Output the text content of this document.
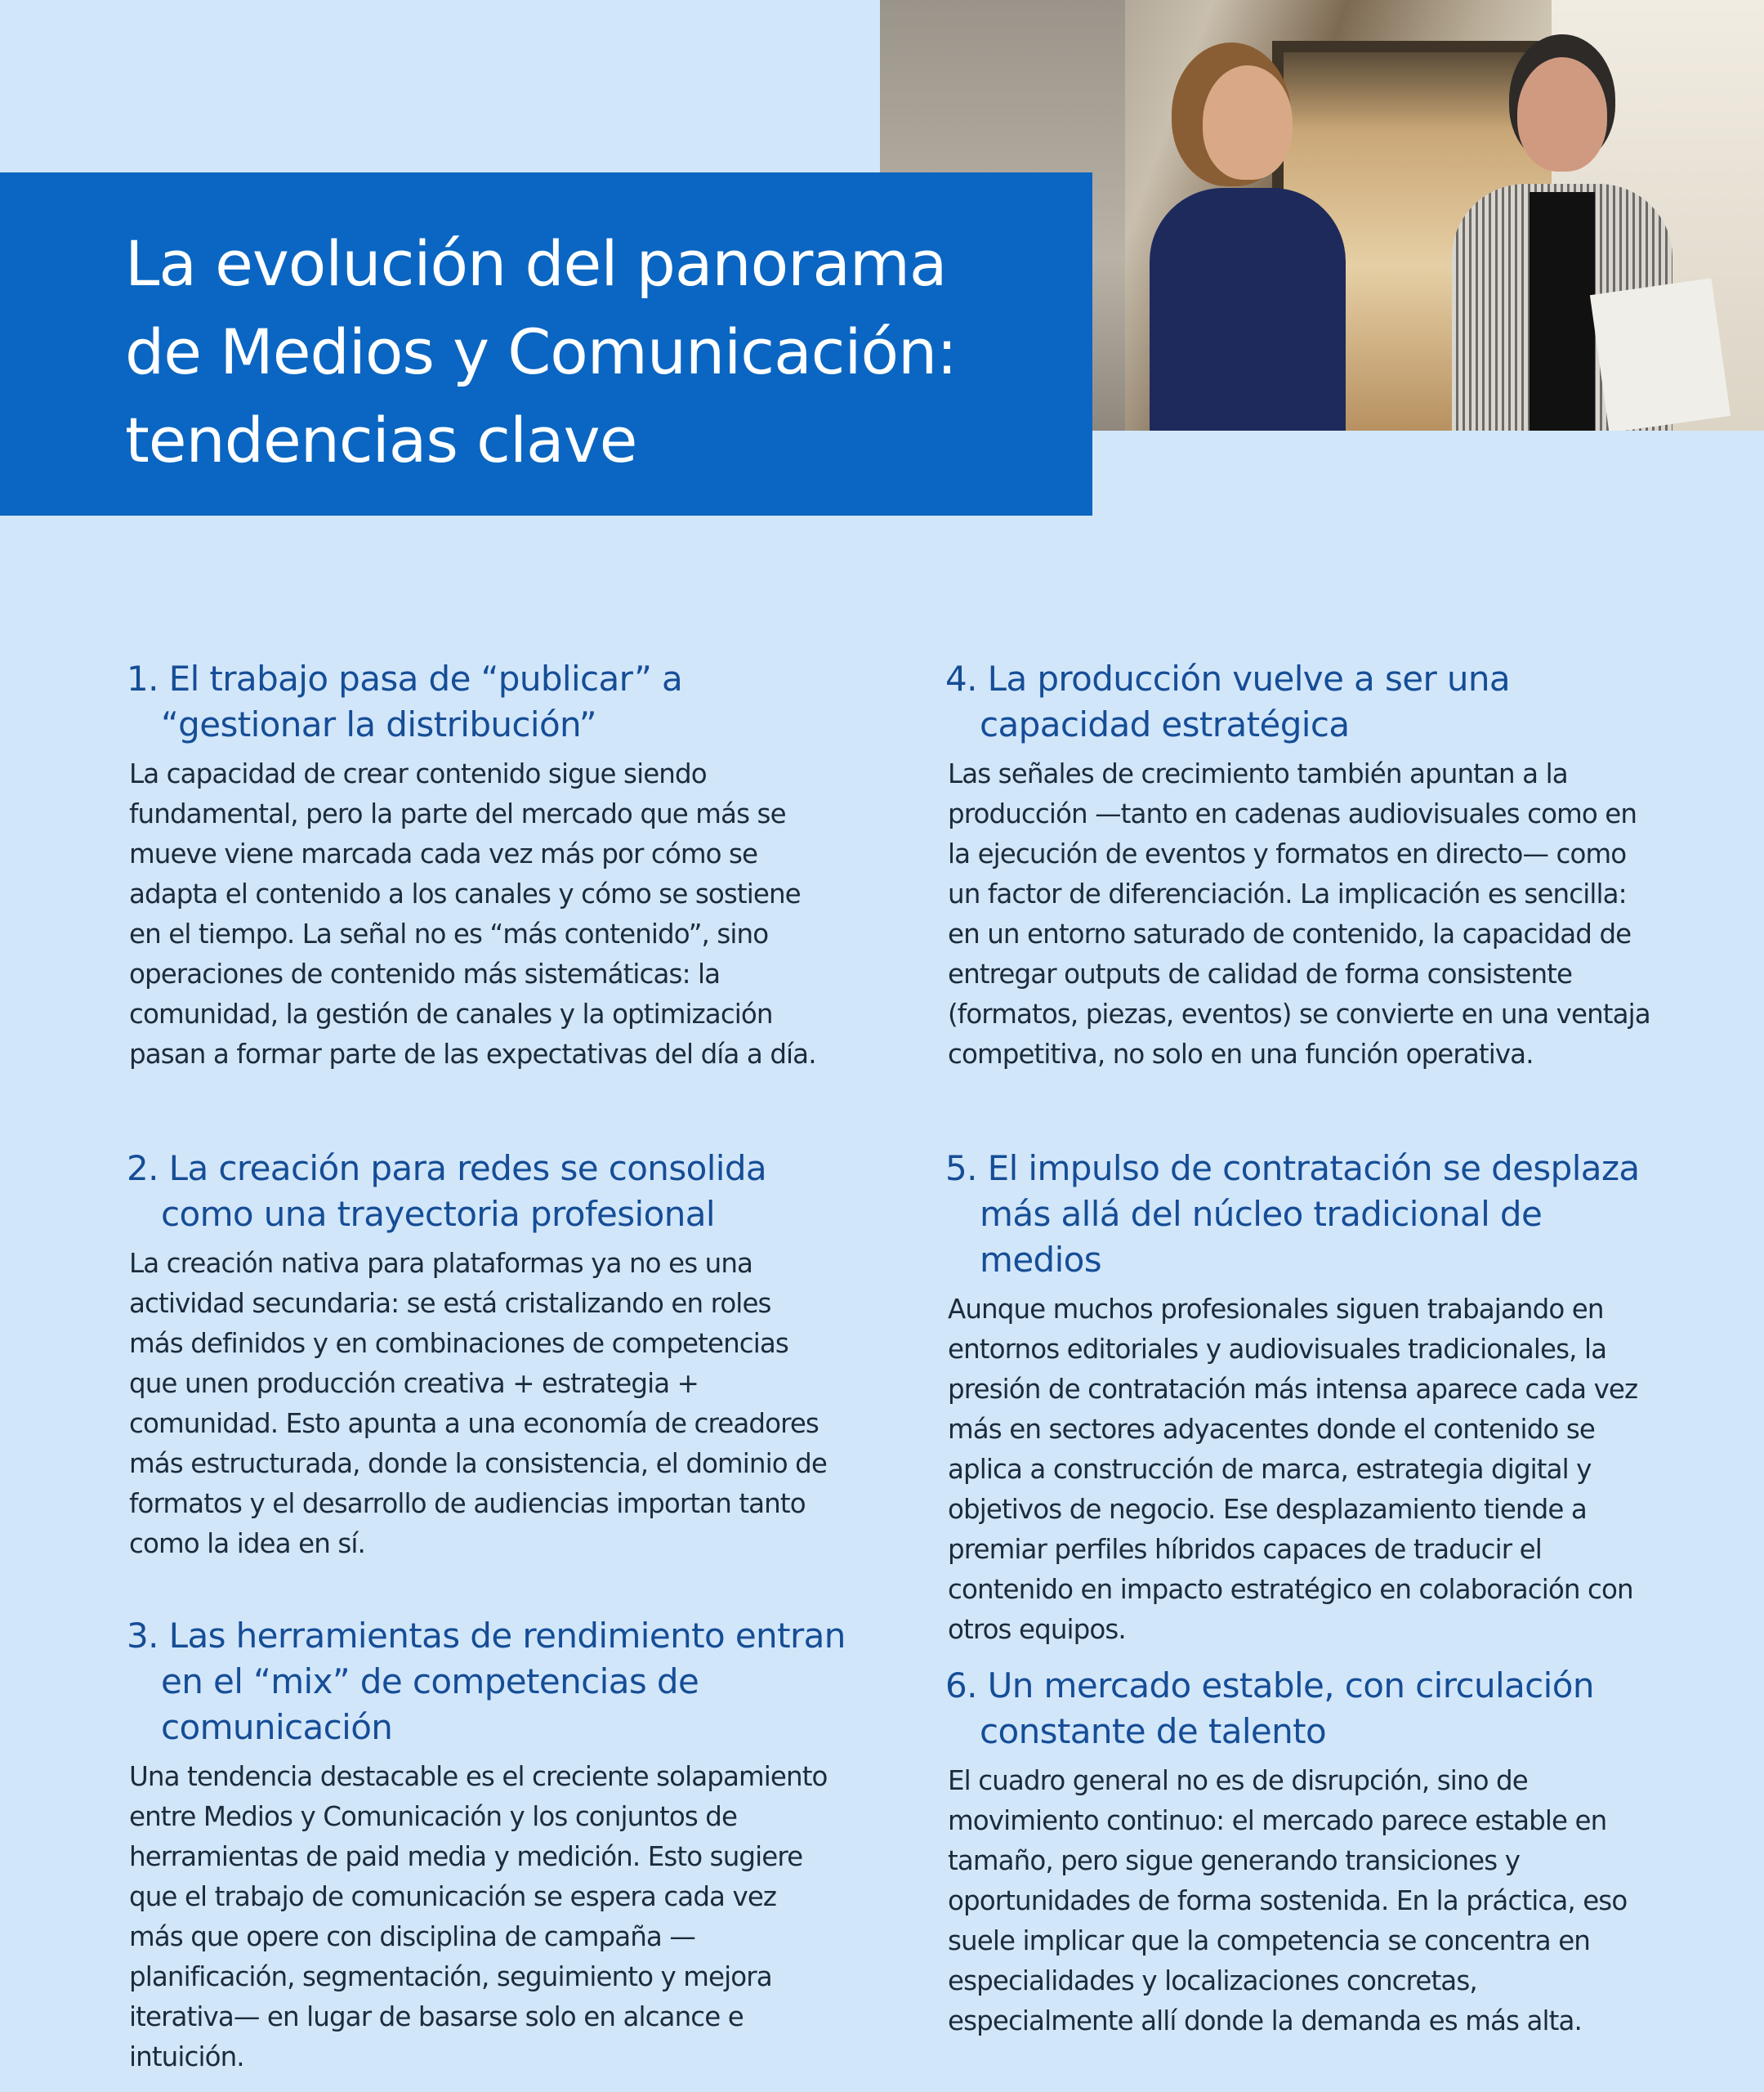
La evolución del panorama
de Medios y Comunicación:
tendencias clave
1. El trabajo pasa de “publicar” a “gestionar la distribución”

La capacidad de crear contenido sigue siendo fundamental, pero la parte del mercado que más se mueve viene marcada cada vez más por cómo se adapta el contenido a los canales y cómo se sostiene en el tiempo. La señal no es “más contenido”, sino operaciones de contenido más sistemáticas: la comunidad, la gestión de canales y la optimización pasan a formar parte de las expectativas del día a día.

2. La creación para redes se consolida como una trayectoria profesional

La creación nativa para plataformas ya no es una actividad secundaria: se está cristalizando en roles más definidos y en combinaciones de competencias que unen producción creativa + estrategia + comunidad. Esto apunta a una economía de creadores más estructurada, donde la consistencia, el dominio de formatos y el desarrollo de audiencias importan tanto como la idea en sí.

3. Las herramientas de rendimiento entran en el “mix” de competencias de comunicación

Una tendencia destacable es el creciente solapamiento entre Medios y Comunicación y los conjuntos de herramientas de paid media y medición. Esto sugiere que el trabajo de comunicación se espera cada vez más que opere con disciplina de campaña —planificación, segmentación, seguimiento y mejora iterativa— en lugar de basarse solo en alcance e intuición.

4. La producción vuelve a ser una capacidad estratégica

Las señales de crecimiento también apuntan a la producción —tanto en cadenas audiovisuales como en la ejecución de eventos y formatos en directo— como un factor de diferenciación. La implicación es sencilla: en un entorno saturado de contenido, la capacidad de entregar outputs de calidad de forma consistente (formatos, piezas, eventos) se convierte en una ventaja competitiva, no solo en una función operativa.

5. El impulso de contratación se desplaza más allá del núcleo tradicional de medios

Aunque muchos profesionales siguen trabajando en entornos editoriales y audiovisuales tradicionales, la presión de contratación más intensa aparece cada vez más en sectores adyacentes donde el contenido se aplica a construcción de marca, estrategia digital y objetivos de negocio. Ese desplazamiento tiende a premiar perfiles híbridos capaces de traducir el contenido en impacto estratégico en colaboración con otros equipos.

6. Un mercado estable, con circulación constante de talento

El cuadro general no es de disrupción, sino de movimiento continuo: el mercado parece estable en tamaño, pero sigue generando transiciones y oportunidades de forma sostenida. En la práctica, eso suele implicar que la competencia se concentra en especialidades y localizaciones concretas, especialmente allí donde la demanda es más alta.
